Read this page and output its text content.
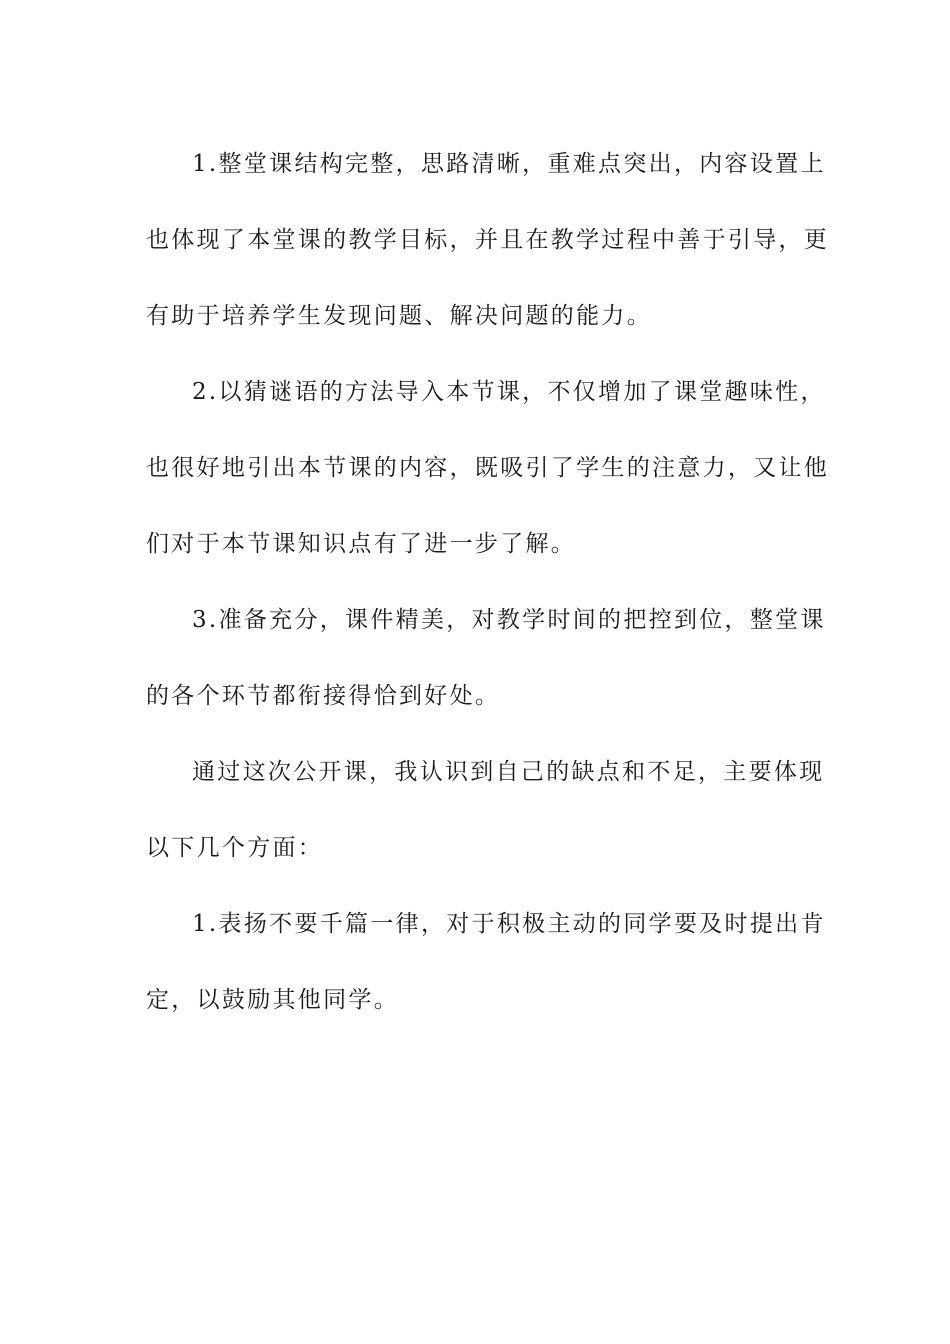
1.整堂课结构完整，思路清晰，重难点突出，内容设置上
也体现了本堂课的教学目标，并且在教学过程中善于引导，更
有助于培养学生发现问题、解决问题的能力。

2.以猜谜语的方法导入本节课，不仅增加了课堂趣味性，
也很好地引出本节课的内容，既吸引了学生的注意力，又让他
们对于本节课知识点有了进一步了解。

3.准备充分，课件精美，对教学时间的把控到位，整堂课
的各个环节都衔接得恰到好处。

通过这次公开课，我认识到自己的缺点和不足，主要体现
以下几个方面：

1.表扬不要千篇一律，对于积极主动的同学要及时提出肯
定，以鼓励其他同学。
